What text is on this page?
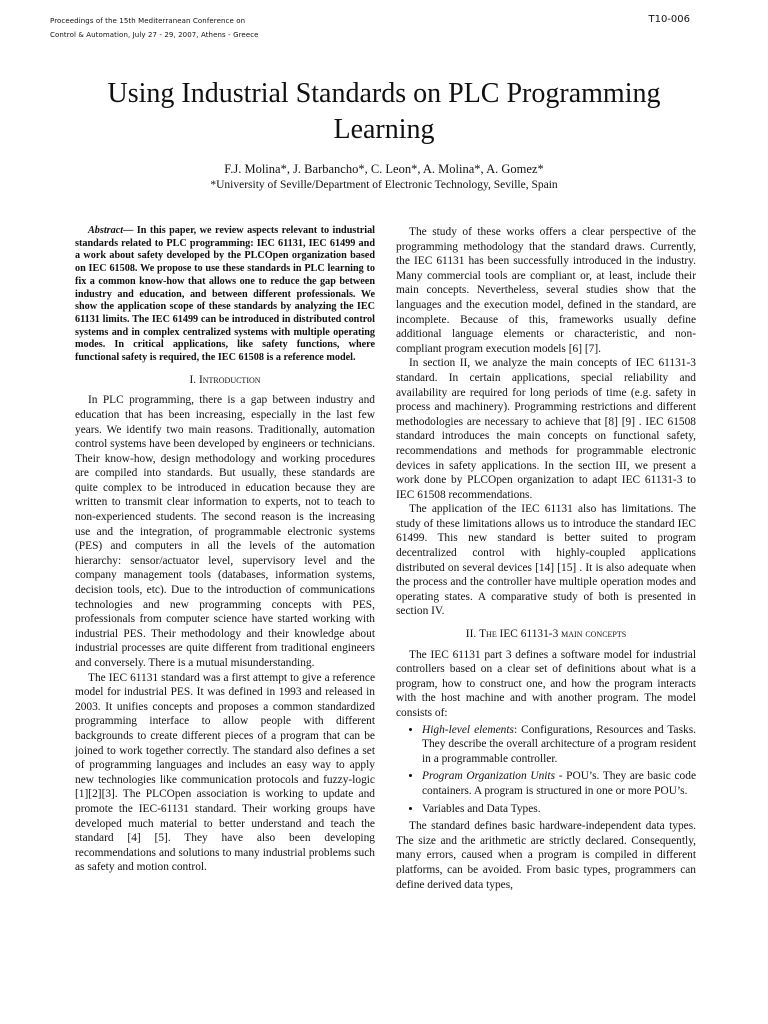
Proceedings of the 15th Mediterranean Conference on
Control & Automation, July 27 - 29, 2007, Athens - Greece
T10-006
Using Industrial Standards on PLC Programming Learning
F.J. Molina*, J. Barbancho*, C. Leon*, A. Molina*, A. Gomez*
*University of Seville/Department of Electronic Technology, Seville, Spain

Abstract— In this paper, we review aspects relevant to industrial standards related to PLC programming: IEC 61131, IEC 61499 and a work about safety developed by the PLCOpen organization based on IEC 61508. We propose to use these standards in PLC learning to fix a common know-how that allows one to reduce the gap between industry and education, and between different professionals. We show the application scope of these standards by analyzing the IEC 61131 limits. The IEC 61499 can be introduced in distributed control systems and in complex centralized systems with multiple operating modes. In critical applications, like safety functions, where functional safety is required, the IEC 61508 is a reference model.

I. Introduction

In PLC programming, there is a gap between industry and education that has been increasing, especially in the last few years. We identify two main reasons. Traditionally, automation control systems have been developed by engineers or technicians. Their know-how, design methodology and working procedures are compiled into standards. But usually, these standards are quite complex to be introduced in education because they are written to transmit clear information to experts, not to teach to non-experienced students. The second reason is the increasing use and the integration, of programmable electronic systems (PES) and computers in all the levels of the automation hierarchy: sensor/actuator level, supervisory level and the company management tools (databases, information systems, decision tools, etc). Due to the introduction of communications technologies and new programming concepts with PES, professionals from computer science have started working with industrial PES. Their methodology and their knowledge about industrial processes are quite different from traditional engineers and conversely. There is a mutual misunderstanding.

The IEC 61131 standard was a first attempt to give a reference model for industrial PES. It was defined in 1993 and released in 2003. It unifies concepts and proposes a common standardized programming interface to allow people with different backgrounds to create different pieces of a program that can be joined to work together correctly. The standard also defines a set of programming languages and includes an easy way to apply new technologies like communication protocols and fuzzy-logic [1][2][3]. The PLCOpen association is working to update and promote the IEC-61131 standard. Their working groups have developed much material to better understand and teach the standard [4] [5]. They have also been developing recommendations and solutions to many industrial problems such as safety and motion control.

The study of these works offers a clear perspective of the programming methodology that the standard draws. Currently, the IEC 61131 has been successfully introduced in the industry. Many commercial tools are compliant or, at least, include their main concepts. Nevertheless, several studies show that the languages and the execution model, defined in the standard, are incomplete. Because of this, frameworks usually define additional language elements or characteristic, and non-compliant program execution models [6] [7].

In section II, we analyze the main concepts of IEC 61131-3 standard. In certain applications, special reliability and availability are required for long periods of time (e.g. safety in process and machinery). Programming restrictions and different methodologies are necessary to achieve that [8] [9] . IEC 61508 standard introduces the main concepts on functional safety, recommendations and methods for programmable electronic devices in safety applications. In the section III, we present a work done by PLCOpen organization to adapt IEC 61131-3 to IEC 61508 recommendations.

The application of the IEC 61131 also has limitations. The study of these limitations allows us to introduce the standard IEC 61499. This new standard is better suited to program decentralized control with highly-coupled applications distributed on several devices [14] [15] . It is also adequate when the process and the controller have multiple operation modes and operating states. A comparative study of both is presented in section IV.

II. The IEC 61131-3 main concepts

The IEC 61131 part 3 defines a software model for industrial controllers based on a clear set of definitions about what is a program, how to construct one, and how the program interacts with the host machine and with another program. The model consists of:

• High-level elements: Configurations, Resources and Tasks. They describe the overall architecture of a program resident in a programmable controller.
• Program Organization Units - POU’s. They are basic code containers. A program is structured in one or more POU’s.
• Variables and Data Types.

The standard defines basic hardware-independent data types. The size and the arithmetic are strictly declared. Consequently, many errors, caused when a program is compiled in different platforms, can be avoided. From basic types, programmers can define derived data types,
